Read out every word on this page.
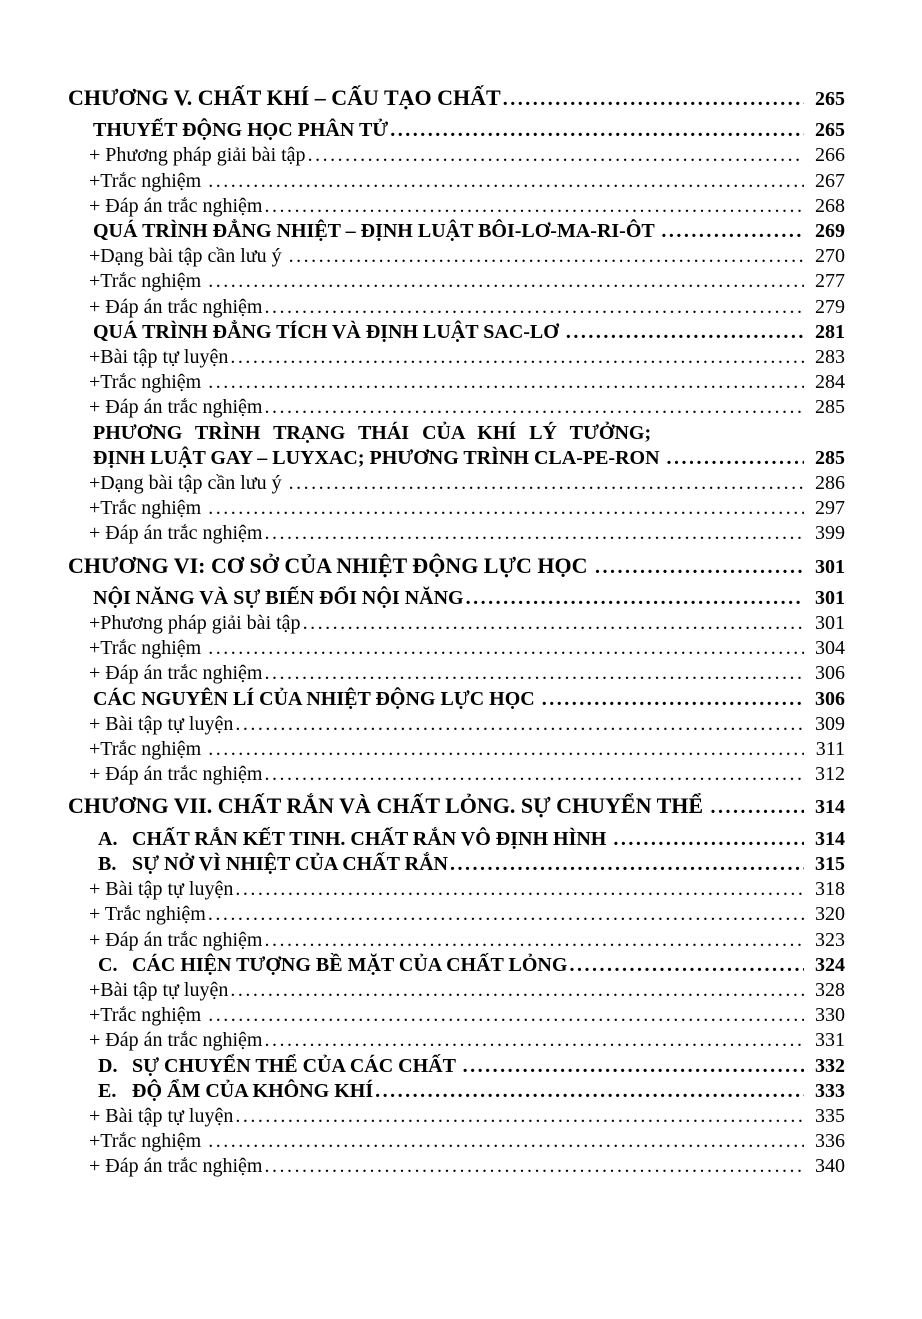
CHƯƠNG V. CHẤT KHÍ – CẤU TẠO CHẤT .....	265
THUYẾT ĐỘNG HỌC PHÂN TỬ .....	265
+ Phương pháp giải bài tập .....	266
+Trắc nghiệm .....	267
+ Đáp án trắc nghiệm .....	268
QUÁ TRÌNH ĐẲNG NHIỆT – ĐỊNH LUẬT BÔI-LƠ-MA-RI-ÔT .....	269
+Dạng bài tập cần lưu ý .....	270
+Trắc nghiệm .....	277
+ Đáp án trắc nghiệm .....	279
QUÁ TRÌNH ĐẲNG TÍCH VÀ ĐỊNH LUẬT SAC-LƠ .....	281
+Bài tập tự luyện .....	283
+Trắc nghiệm .....	284
+ Đáp án trắc nghiệm .....	285
PHƯƠNG TRÌNH TRẠNG THÁI CỦA KHÍ LÝ TƯỞNG;
ĐỊNH LUẬT GAY – LUYXAC; PHƯƠNG TRÌNH CLA-PE-RON .....	285
+Dạng bài tập cần lưu ý .....	286
+Trắc nghiệm .....	297
+ Đáp án trắc nghiệm .....	399
CHƯƠNG VI: CƠ SỞ CỦA NHIỆT ĐỘNG LỰC HỌC .....	301
NỘI NĂNG VÀ SỰ BIẾN ĐỔI NỘI NĂNG .....	301
+Phương pháp giải bài tập .....	301
+Trắc nghiệm .....	304
+ Đáp án trắc nghiệm .....	306
CÁC NGUYÊN LÍ CỦA NHIỆT ĐỘNG LỰC HỌC .....	306
+ Bài tập tự luyện .....	309
+Trắc nghiệm .....	311
+ Đáp án trắc nghiệm .....	312
CHƯƠNG VII. CHẤT RẮN VÀ CHẤT LỎNG. SỰ CHUYỂN THỂ .....	314
A. CHẤT RẮN KẾT TINH. CHẤT RẮN VÔ ĐỊNH HÌNH .....	314
B. SỰ NỞ VÌ NHIỆT CỦA CHẤT RẮN .....	315
+ Bài tập tự luyện .....	318
+ Trắc nghiệm .....	320
+ Đáp án trắc nghiệm .....	323
C. CÁC HIỆN TƯỢNG BỀ MẶT CỦA CHẤT LỎNG .....	324
+Bài tập tự luyện .....	328
+Trắc nghiệm .....	330
+ Đáp án trắc nghiệm .....	331
D. SỰ CHUYỂN THỂ CỦA CÁC CHẤT .....	332
E. ĐỘ ẨM CỦA KHÔNG KHÍ .....	333
+ Bài tập tự luyện .....	335
+Trắc nghiệm .....	336
+ Đáp án trắc nghiệm .....	340
